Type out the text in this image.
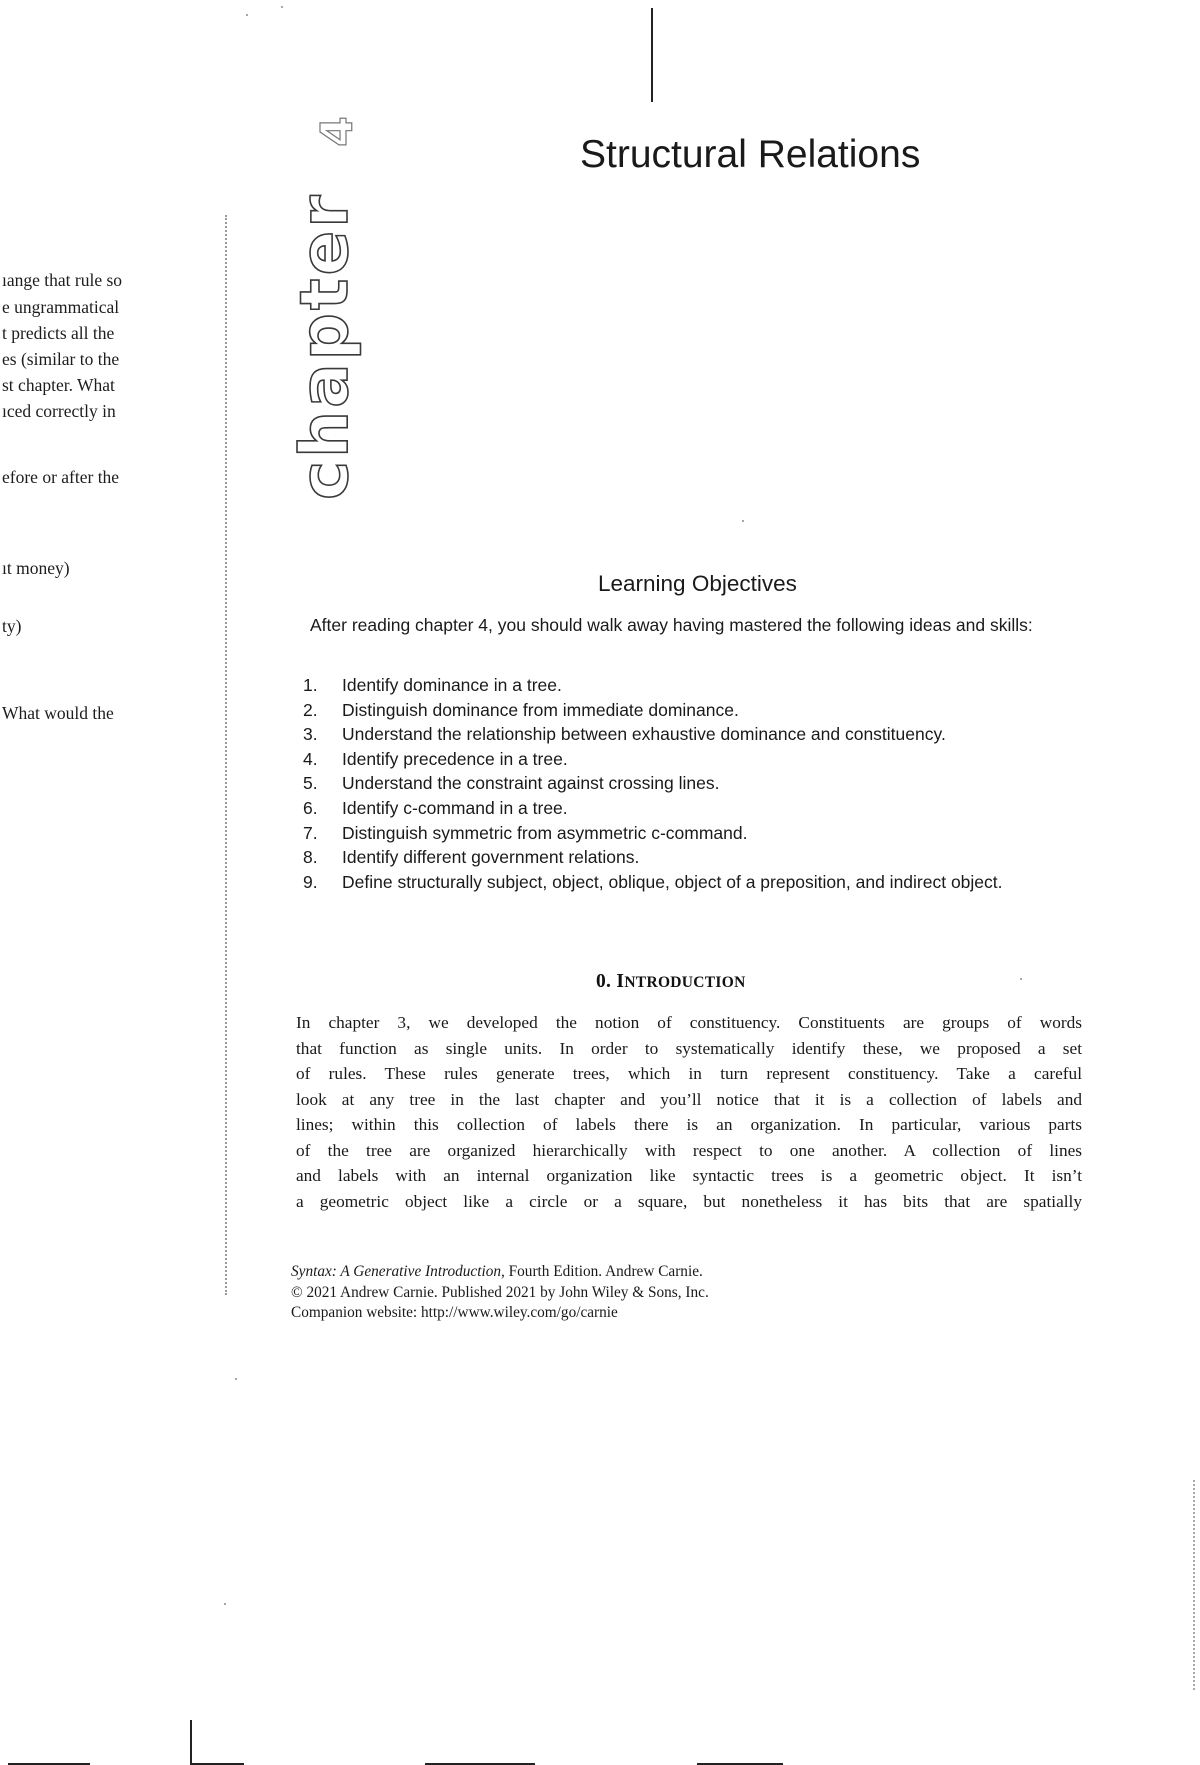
ıange that rule so
e ungrammatical
t predicts all the
es (similar to the
st chapter. What
ıced correctly in
efore or after the
ıt money)
ty)
What would the
4
chapter
Structural Relations
Learning Objectives
After reading chapter 4, you should walk away having mastered the following ideas and skills:
1. Identify dominance in a tree.
2. Distinguish dominance from immediate dominance.
3. Understand the relationship between exhaustive dominance and constituency.
4. Identify precedence in a tree.
5. Understand the constraint against crossing lines.
6. Identify c-command in a tree.
7. Distinguish symmetric from asymmetric c-command.
8. Identify different government relations.
9. Define structurally subject, object, oblique, object of a preposition, and indirect object.
0. INTRODUCTION
In chapter 3, we developed the notion of constituency. Constituents are groups of words
that function as single units. In order to systematically identify these, we proposed a set
of rules. These rules generate trees, which in turn represent constituency. Take a careful
look at any tree in the last chapter and you’ll notice that it is a collection of labels and
lines; within this collection of labels there is an organization. In particular, various parts
of the tree are organized hierarchically with respect to one another. A collection of lines
and labels with an internal organization like syntactic trees is a geometric object. It isn’t
a geometric object like a circle or a square, but nonetheless it has bits that are spatially
Syntax: A Generative Introduction, Fourth Edition. Andrew Carnie.
© 2021 Andrew Carnie. Published 2021 by John Wiley & Sons, Inc.
Companion website: http://www.wiley.com/go/carnie
